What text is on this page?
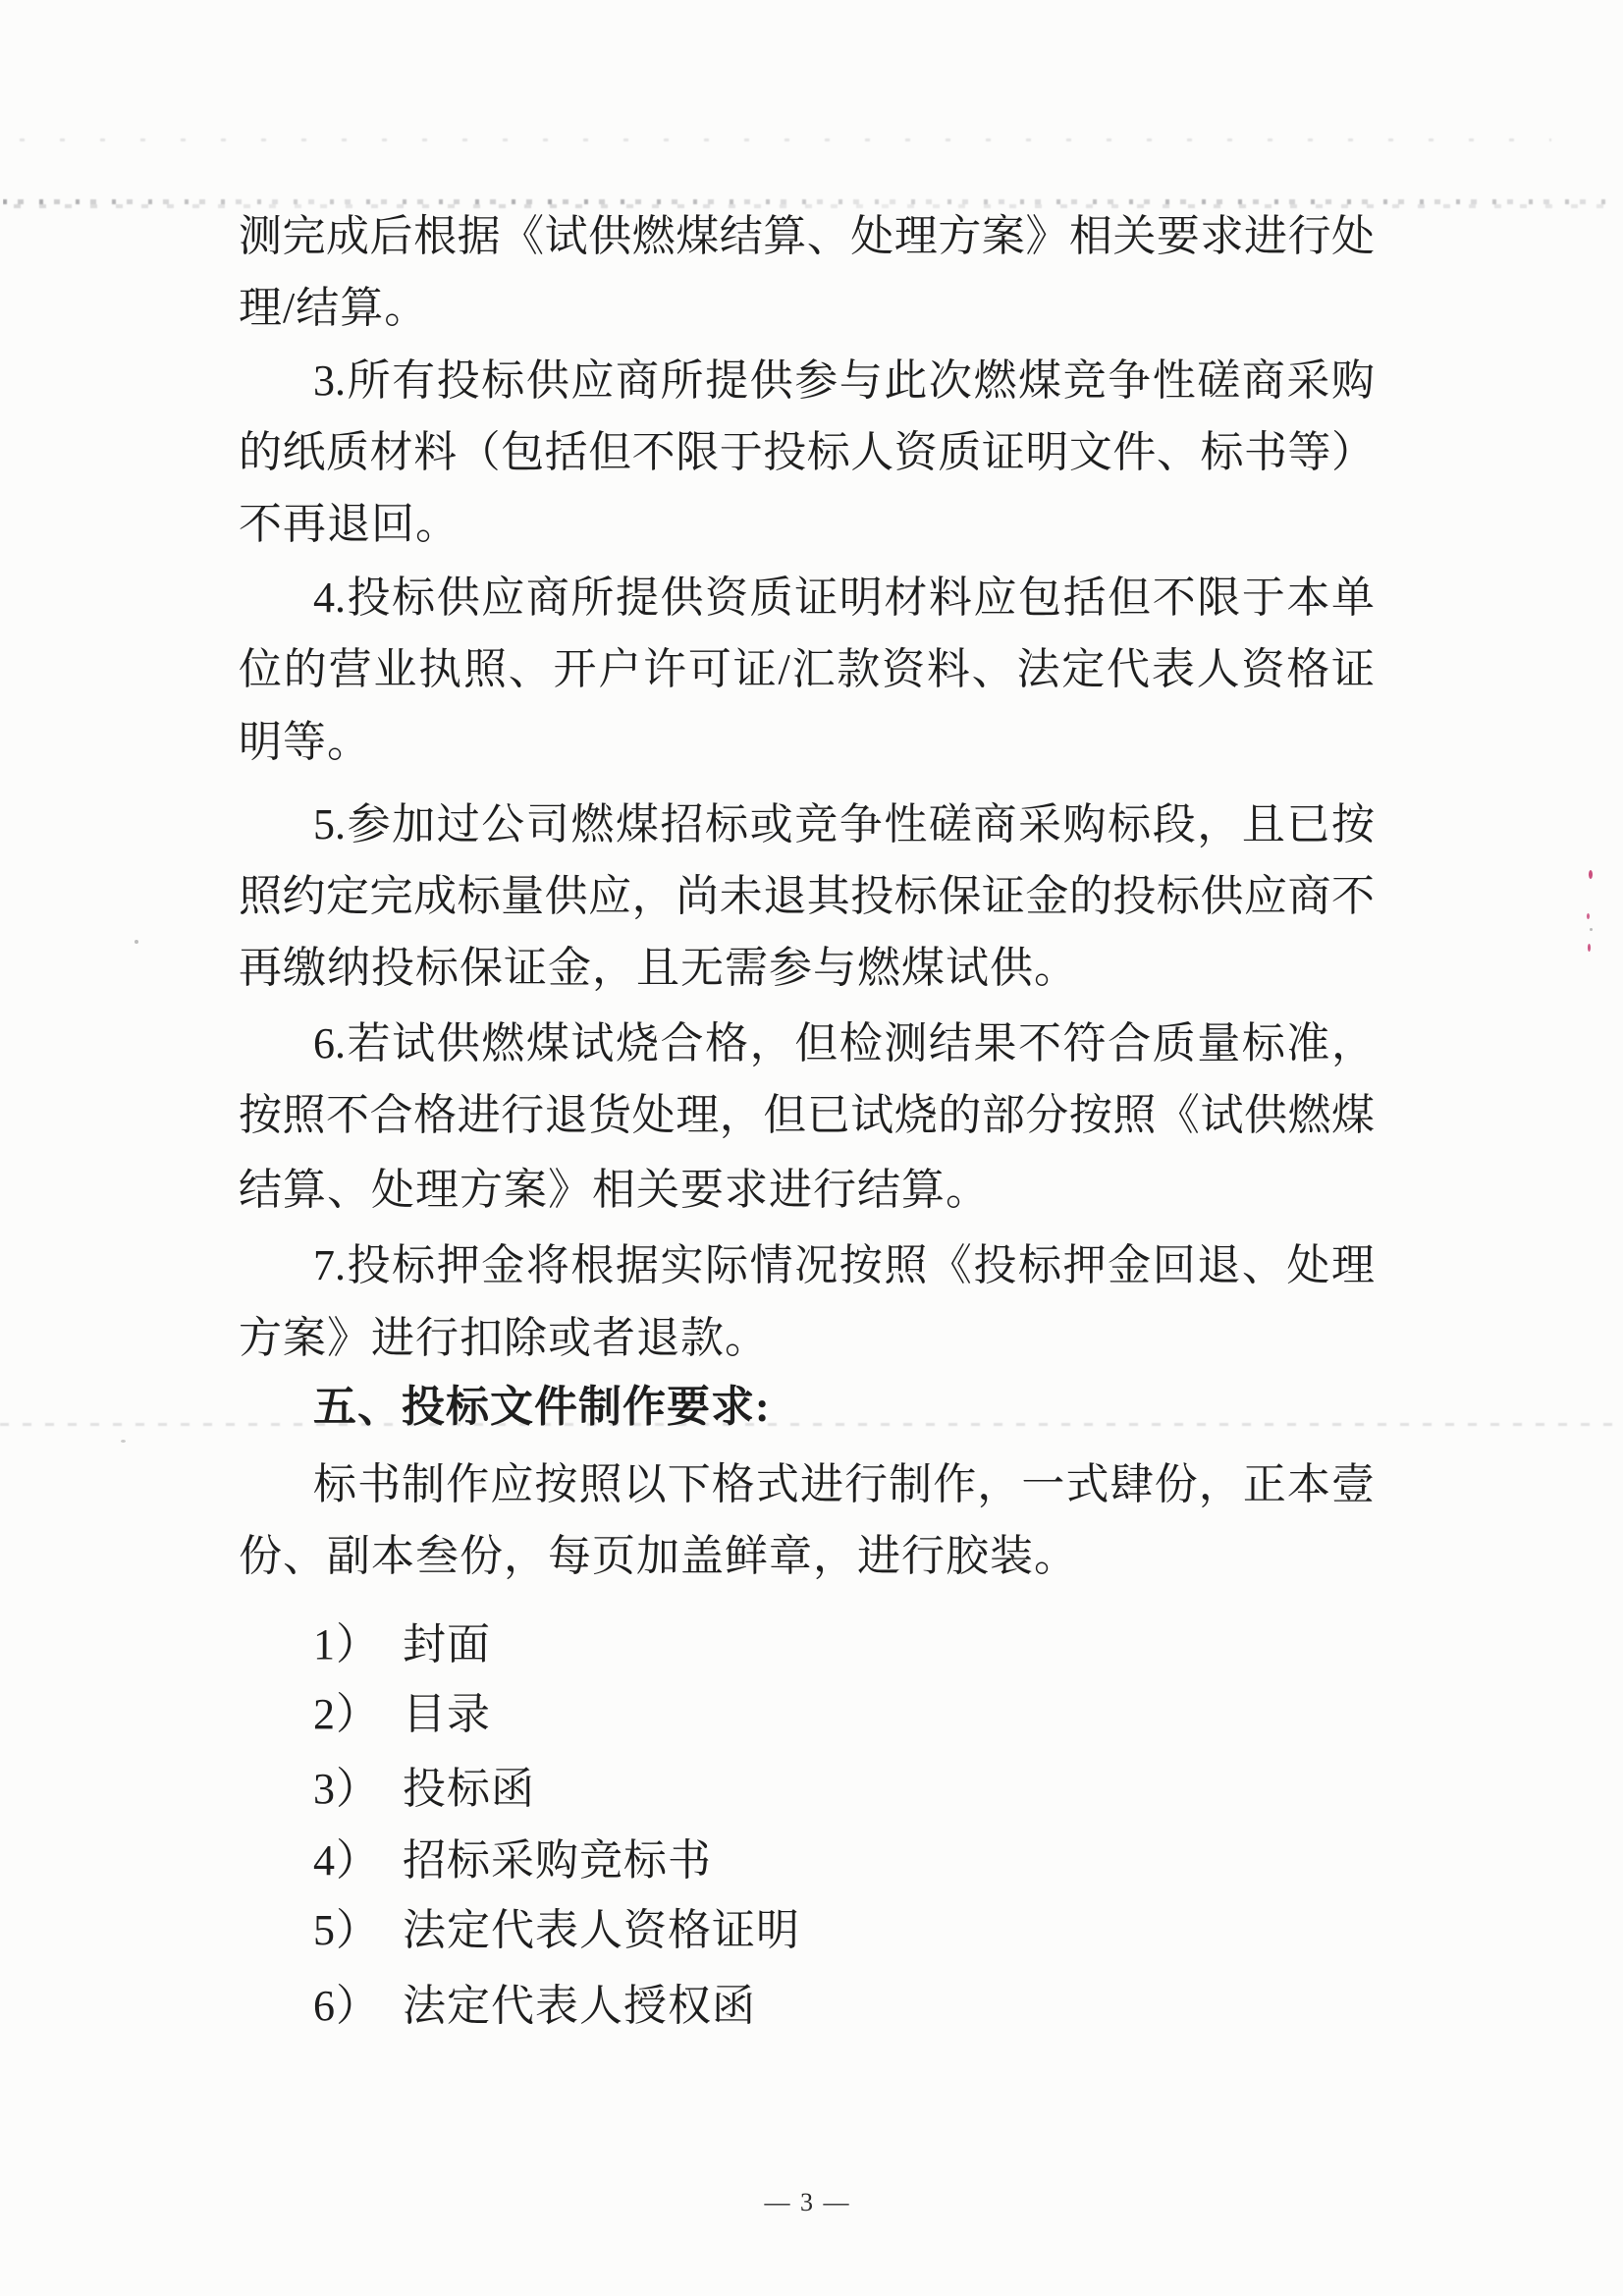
测完成后根据《试供燃煤结算、处理方案》相关要求进行处
理/结算。
3.所有投标供应商所提供参与此次燃煤竞争性磋商采购
的纸质材料（包括但不限于投标人资质证明文件、标书等）
不再退回。
4.投标供应商所提供资质证明材料应包括但不限于本单
位的营业执照、开户许可证/汇款资料、法定代表人资格证
明等。
5.参加过公司燃煤招标或竞争性磋商采购标段，且已按
照约定完成标量供应，尚未退其投标保证金的投标供应商不
再缴纳投标保证金，且无需参与燃煤试供。
6.若试供燃煤试烧合格，但检测结果不符合质量标准，
按照不合格进行退货处理，但已试烧的部分按照《试供燃煤
结算、处理方案》相关要求进行结算。
7.投标押金将根据实际情况按照《投标押金回退、处理
方案》进行扣除或者退款。
五、投标文件制作要求:
标书制作应按照以下格式进行制作，一式肆份，正本壹
份、副本叁份，每页加盖鲜章，进行胶装。
1）　封面
2）　目录
3）　投标函
4）　招标采购竞标书
5）　法定代表人资格证明
6）　法定代表人授权函
— 3 —
